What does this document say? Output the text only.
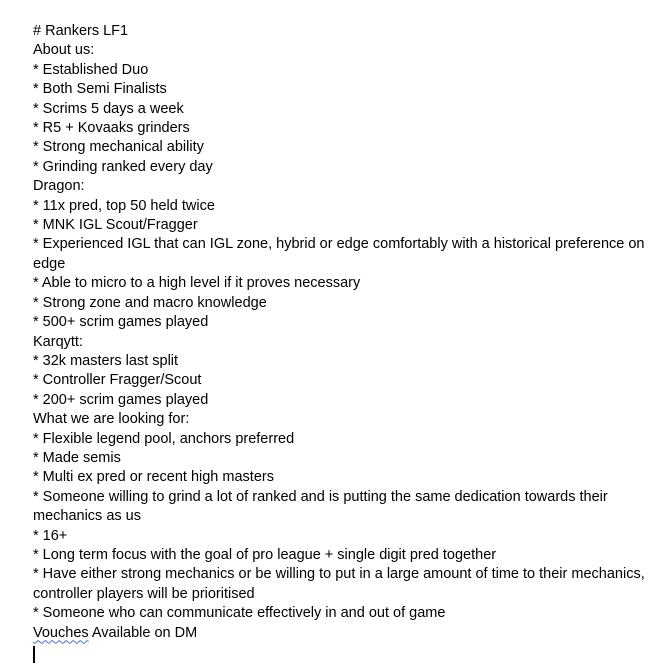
# Rankers LF1
About us:
* Established Duo
* Both Semi Finalists
* Scrims 5 days a week
* R5 + Kovaaks grinders
* Strong mechanical ability
* Grinding ranked every day
Dragon:
* 11x pred, top 50 held twice
* MNK IGL Scout/Fragger
* Experienced IGL that can IGL zone, hybrid or edge comfortably with a historical preference on edge
* Able to micro to a high level if it proves necessary
* Strong zone and macro knowledge
* 500+ scrim games played
Karqytt:
* 32k masters last split
* Controller Fragger/Scout
* 200+ scrim games played
What we are looking for:
* Flexible legend pool, anchors preferred
* Made semis
* Multi ex pred or recent high masters
* Someone willing to grind a lot of ranked and is putting the same dedication towards their mechanics as us
* 16+
* Long term focus with the goal of pro league + single digit pred together
* Have either strong mechanics or be willing to put in a large amount of time to their mechanics, controller players will be prioritised
* Someone who can communicate effectively in and out of game
Vouches Available on DM
